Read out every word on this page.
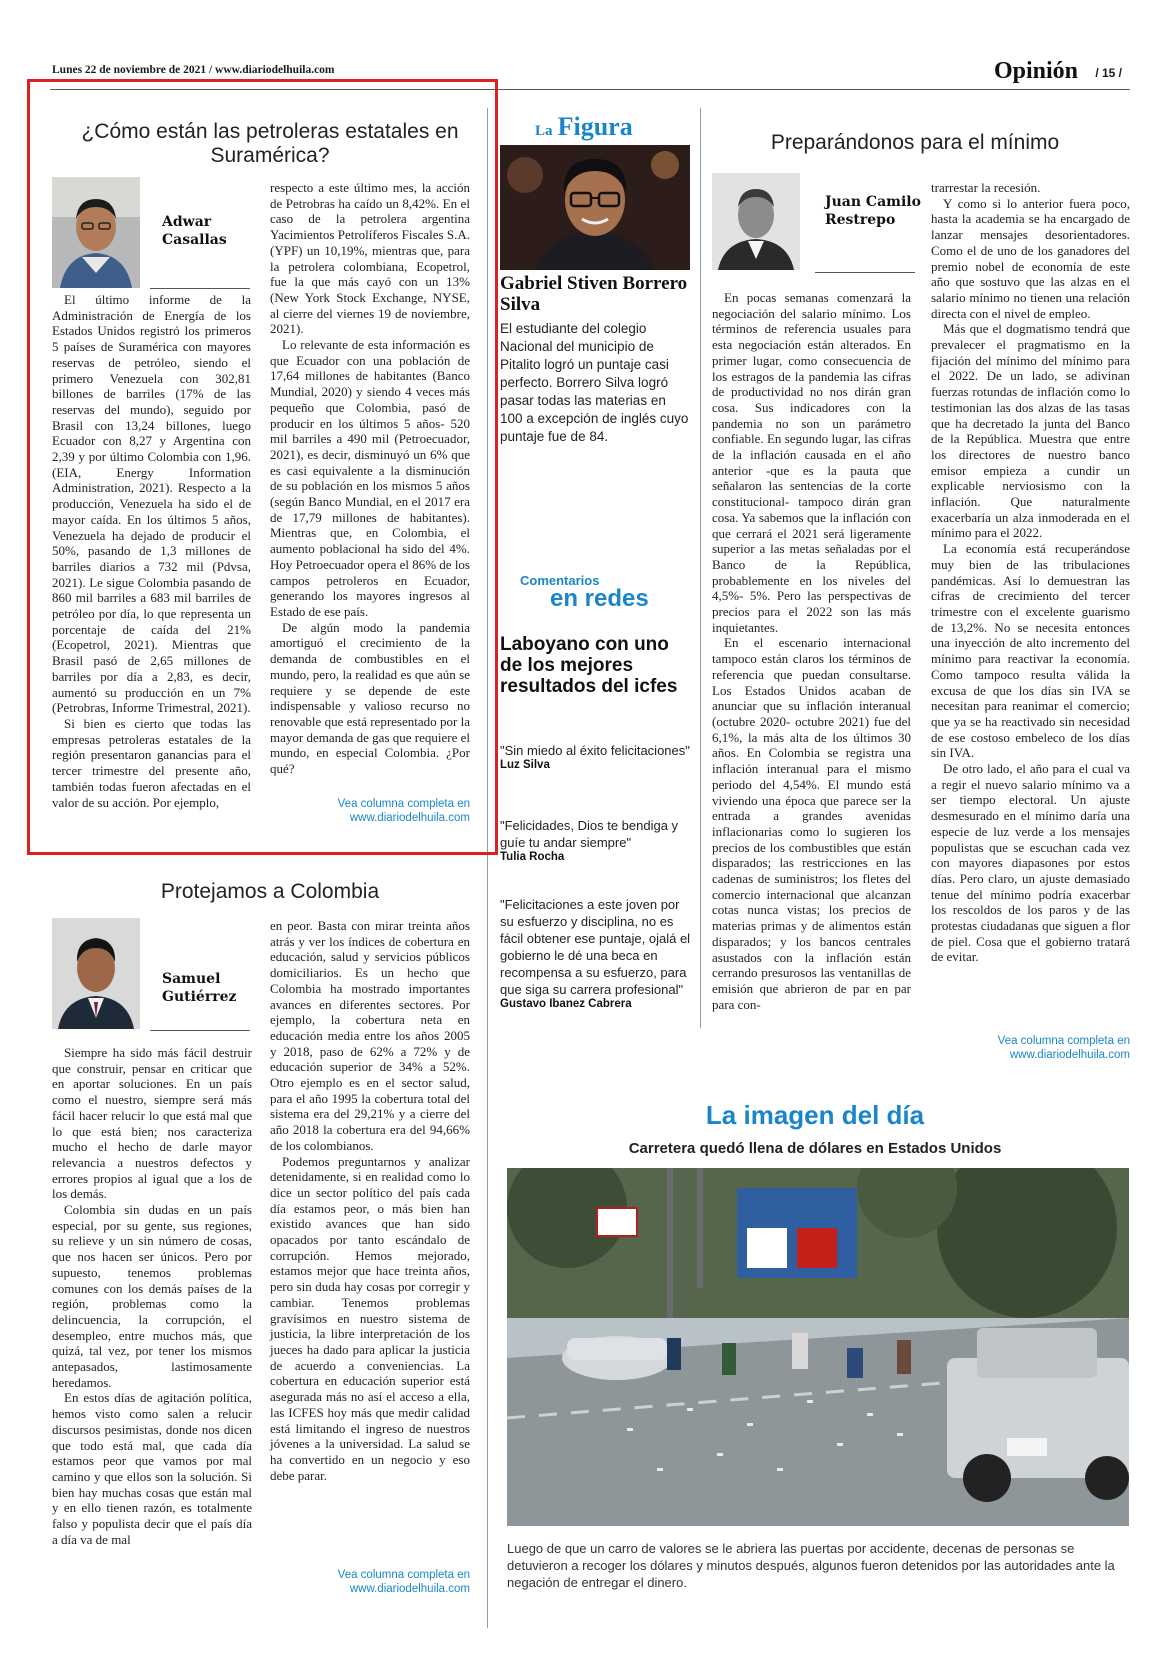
Lunes 22 de noviembre de 2021 / www.diariodelhuila.com	Opinión / 15 /
¿Cómo están las petroleras estatales en Suramérica?
Adwar Casallas

El último informe de la Administración de Energía de los Estados Unidos registró los primeros 5 países de Suramérica con mayores reservas de petróleo, siendo el primero Venezuela con 302,81 billones de barriles (17% de las reservas del mundo), seguido por Brasil con 13,24 billones, luego Ecuador con 8,27 y Argentina con 2,39 y por último Colombia con 1,96. (EIA, Energy Information Administration, 2021). Respecto a la producción, Venezuela ha sido el de mayor caída. En los últimos 5 años, Venezuela ha dejado de producir el 50%, pasando de 1,3 millones de barriles diarios a 732 mil (Pdvsa, 2021). Le sigue Colombia pasando de 860 mil barriles a 683 mil barriles de petróleo por día, lo que representa un porcentaje de caída del 21% (Ecopetrol, 2021). Mientras que Brasil pasó de 2,65 millones de barriles por día a 2,83, es decir, aumentó su producción en un 7% (Petrobras, Informe Trimestral, 2021).

Si bien es cierto que todas las empresas petroleras estatales de la región presentaron ganancias para el tercer trimestre del presente año, también todas fueron afectadas en el valor de su acción. Por ejemplo,

respecto a este último mes, la acción de Petrobras ha caído un 8,42%. En el caso de la petrolera argentina Yacimientos Petrolíferos Fiscales S.A. (YPF) un 10,19%, mientras que, para la petrolera colombiana, Ecopetrol, fue la que más cayó con un 13% (New York Stock Exchange, NYSE, al cierre del viernes 19 de noviembre, 2021).

Lo relevante de esta información es que Ecuador con una población de 17,64 millones de habitantes (Banco Mundial, 2020) y siendo 4 veces más pequeño que Colombia, pasó de producir en los últimos 5 años- 520 mil barriles a 490 mil (Petroecuador, 2021), es decir, disminuyó un 6% que es casi equivalente a la disminución de su población en los mismos 5 años (según Banco Mundial, en el 2017 era de 17,79 millones de habitantes). Mientras que, en Colombia, el aumento poblacional ha sido del 4%. Hoy Petroecuador opera el 86% de los campos petroleros en Ecuador, generando los mayores ingresos al Estado de ese país.

De algún modo la pandemia amortiguó el crecimiento de la demanda de combustibles en el mundo, pero, la realidad es que aún se requiere y se depende de este indispensable y valioso recurso no renovable que está representado por la mayor demanda de gas que requiere el mundo, en especial Colombia. ¿Por qué?

Vea columna completa en
www.diariodelhuila.com
Protejamos a Colombia
Samuel Gutiérrez

Siempre ha sido más fácil destruir que construir, pensar en criticar que en aportar soluciones. En un país como el nuestro, siempre será más fácil hacer relucir lo que está mal que lo que está bien; nos caracteriza mucho el hecho de darle mayor relevancia a nuestros defectos y errores propios al igual que a los de los demás.

Colombia sin dudas en un país especial, por su gente, sus regiones, su relieve y un sin número de cosas, que nos hacen ser únicos. Pero por supuesto, tenemos problemas comunes con los demás países de la región, problemas como la delincuencia, la corrupción, el desempleo, entre muchos más, que quizá, tal vez, por tener los mismos antepasados, lastimosamente heredamos.

En estos días de agitación política, hemos visto como salen a relucir discursos pesimistas, donde nos dicen que todo está mal, que cada día estamos peor que vamos por mal camino y que ellos son la solución. Si bien hay muchas cosas que están mal y en ello tienen razón, es totalmente falso y populista decir que el país día a día va de mal

en peor. Basta con mirar treinta años atrás y ver los índices de cobertura en educación, salud y servicios públicos domiciliarios. Es un hecho que Colombia ha mostrado importantes avances en diferentes sectores. Por ejemplo, la cobertura neta en educación media entre los años 2005 y 2018, paso de 62% a 72% y de educación superior de 34% a 52%. Otro ejemplo es en el sector salud, para el año 1995 la cobertura total del sistema era del 29,21% y a cierre del año 2018 la cobertura era del 94,66% de los colombianos.

Podemos preguntarnos y analizar detenidamente, si en realidad como lo dice un sector político del país cada día estamos peor, o más bien han existido avances que han sido opacados por tanto escándalo de corrupción. Hemos mejorado, estamos mejor que hace treinta años, pero sin duda hay cosas por corregir y cambiar. Tenemos problemas gravísimos en nuestro sistema de justicia, la libre interpretación de los jueces ha dado para aplicar la justicia de acuerdo a conveniencias. La cobertura en educación superior está asegurada más no así el acceso a ella, las ICFES hoy más que medir calidad está limitando el ingreso de nuestros jóvenes a la universidad. La salud se ha convertido en un negocio y eso debe parar.

Vea columna completa en
www.diariodelhuila.com
La Figura
Gabriel Stiven Borrero Silva
El estudiante del colegio Nacional del municipio de Pitalito logró un puntaje casi perfecto. Borrero Silva logró pasar todas las materias en 100 a excepción de inglés cuyo puntaje fue de 84.
Comentarios
en redes
Laboyano con uno de los mejores resultados del icfes
"Sin miedo al éxito felicitaciones"
Luz Silva
"Felicidades, Dios te bendiga y guíe tu andar siempre"
Tulia Rocha
"Felicitaciones a este joven por su esfuerzo y disciplina, no es fácil obtener ese puntaje, ojalá el gobierno le dé una beca en recompensa a su esfuerzo, para que siga su carrera profesional"
Gustavo Ibanez Cabrera
Preparándonos para el mínimo
Juan Camilo Restrepo

En pocas semanas comenzará la negociación del salario mínimo. Los términos de referencia usuales para esta negociación están alterados. En primer lugar, como consecuencia de los estragos de la pandemia las cifras de productividad no nos dirán gran cosa. Sus indicadores con la pandemia no son un parámetro confiable. En segundo lugar, las cifras de la inflación causada en el año anterior -que es la pauta que señalaron las sentencias de la corte constitucional- tampoco dirán gran cosa. Ya sabemos que la inflación con que cerrará el 2021 será ligeramente superior a las metas señaladas por el Banco de la República, probablemente en los niveles del 4,5%- 5%. Pero las perspectivas de precios para el 2022 son las más inquietantes.

En el escenario internacional tampoco están claros los términos de referencia que puedan consultarse. Los Estados Unidos acaban de anunciar que su inflación interanual (octubre 2020- octubre 2021) fue del 6,1%, la más alta de los últimos 30 años. En Colombia se registra una inflación interanual para el mismo periodo del 4,54%. El mundo está viviendo una época que parece ser la entrada a grandes avenidas inflacionarias como lo sugieren los precios de los combustibles que están disparados; las restricciones en las cadenas de suministros; los fletes del comercio internacional que alcanzan cotas nunca vistas; los precios de materias primas y de alimentos están disparados; y los bancos centrales asustados con la inflación están cerrando presurosos las ventanillas de emisión que abrieron de par en par para con-

trarrestar la recesión.

Y como si lo anterior fuera poco, hasta la academia se ha encargado de lanzar mensajes desorientadores. Como el de uno de los ganadores del premio nobel de economía de este año que sostuvo que las alzas en el salario mínimo no tienen una relación directa con el nivel de empleo.

Más que el dogmatismo tendrá que prevalecer el pragmatismo en la fijación del mínimo del mínimo para el 2022. De un lado, se adivinan fuerzas rotundas de inflación como lo testimonian las dos alzas de las tasas que ha decretado la junta del Banco de la República. Muestra que entre los directores de nuestro banco emisor empieza a cundir un explicable nerviosismo con la inflación. Que naturalmente exacerbaría un alza inmoderada en el mínimo para el 2022.

La economía está recuperándose muy bien de las tribulaciones pandémicas. Así lo demuestran las cifras de crecimiento del tercer trimestre con el excelente guarismo de 13,2%. No se necesita entonces una inyección de alto incremento del mínimo para reactivar la economía. Como tampoco resulta válida la excusa de que los días sin IVA se necesitan para reanimar el comercio; que ya se ha reactivado sin necesidad de ese costoso embeleco de los días sin IVA.

De otro lado, el año para el cual va a regir el nuevo salario mínimo va a ser tiempo electoral. Un ajuste desmesurado en el mínimo daría una especie de luz verde a los mensajes populistas que se escuchan cada vez con mayores diapasones por estos días. Pero claro, un ajuste demasiado tenue del mínimo podría exacerbar los rescoldos de los paros y de las protestas ciudadanas que siguen a flor de piel. Cosa que el gobierno tratará de evitar.

Vea columna completa en
www.diariodelhuila.com
La imagen del día
Carretera quedó llena de dólares en Estados Unidos
Luego de que un carro de valores se le abriera las puertas por accidente, decenas de personas se detuvieron a recoger los dólares y minutos después, algunos fueron detenidos por las autoridades ante la negación de entregar el dinero.
